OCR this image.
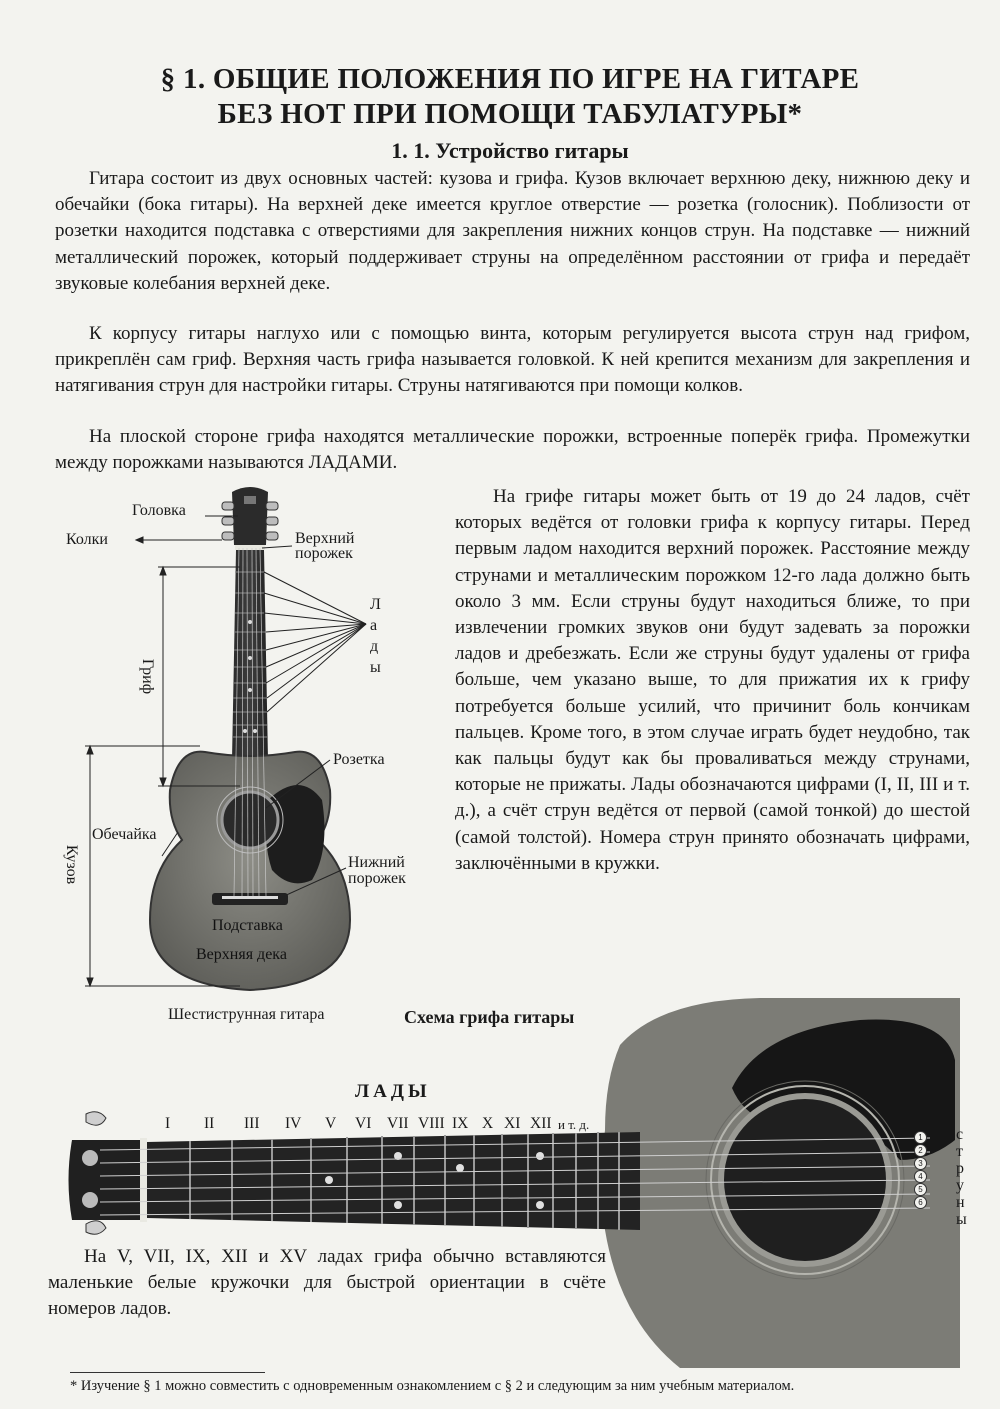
§ 1. ОБЩИЕ ПОЛОЖЕНИЯ ПО ИГРЕ НА ГИТАРЕ
БЕЗ НОТ ПРИ ПОМОЩИ ТАБУЛАТУРЫ*
1. 1. Устройство гитары

Гитара состоит из двух основных частей: кузова и грифа. Кузов включает верхнюю деку, нижнюю деку и обечайки (бока гитары). На верхней деке имеется круглое отверстие — розетка (голосник). Поблизости от розетки находится подставка с отверстиями для закрепления нижних концов струн. На подставке — нижний металлический порожек, который поддерживает струны на определённом расстоянии от грифа и передаёт звуковые колебания верхней деке.

К корпусу гитары наглухо или с помощью винта, которым регулируется высота струн над грифом, прикреплён сам гриф. Верхняя часть грифа называется головкой. К ней крепится механизм для закрепления и натягивания струн для настройки гитары. Струны натягиваются при помощи колков.

На плоской стороне грифа находятся металлические порожки, встроенные поперёк грифа. Промежутки между порожками называются ЛАДАМИ.

На грифе гитары может быть от 19 до 24 ладов, счёт которых ведётся от головки грифа к корпусу гитары. Перед первым ладом находится верхний порожек. Расстояние между струнами и металлическим порожком 12-го лада должно быть около 3 мм. Если струны будут находиться ближе, то при извлечении громких звуков они будут задевать за порожки ладов и дребезжать. Если же струны будут удалены от грифа больше, чем указано выше, то для прижатия их к грифу потребуется больше усилий, что причинит боль кончикам пальцев. Кроме того, в этом случае играть будет неудобно, так как пальцы будут как бы проваливаться между струнами, которые не прижаты. Лады обозначаются цифрами (I, II, III и т. д.), а счёт струн ведётся от первой (самой тонкой) до шестой (самой толстой). Номера струн принято обозначать цифрами, заключёнными в кружки.

Головка
Колки	Верхний
порожек
Л
а
д
ы
Гриф
Кузов
Розетка
Обечайка
Нижний
порожек
Подставка
Верхняя дека
Шестиструнная гитара	Схема грифа гитары
ЛАДЫ
I II III IV V VI VII VIII IX X XI XII и т. д.
1
2
3
4
5
6
с
т
р
у
н
ы

На V, VII, IX, XII и XV ладах грифа обычно вставляются маленькие белые кружочки для быстрой ориентации в счёте номеров ладов.

* Изучение § 1 можно совместить с одновременным ознакомлением с § 2 и следующим за ним учебным материалом.
